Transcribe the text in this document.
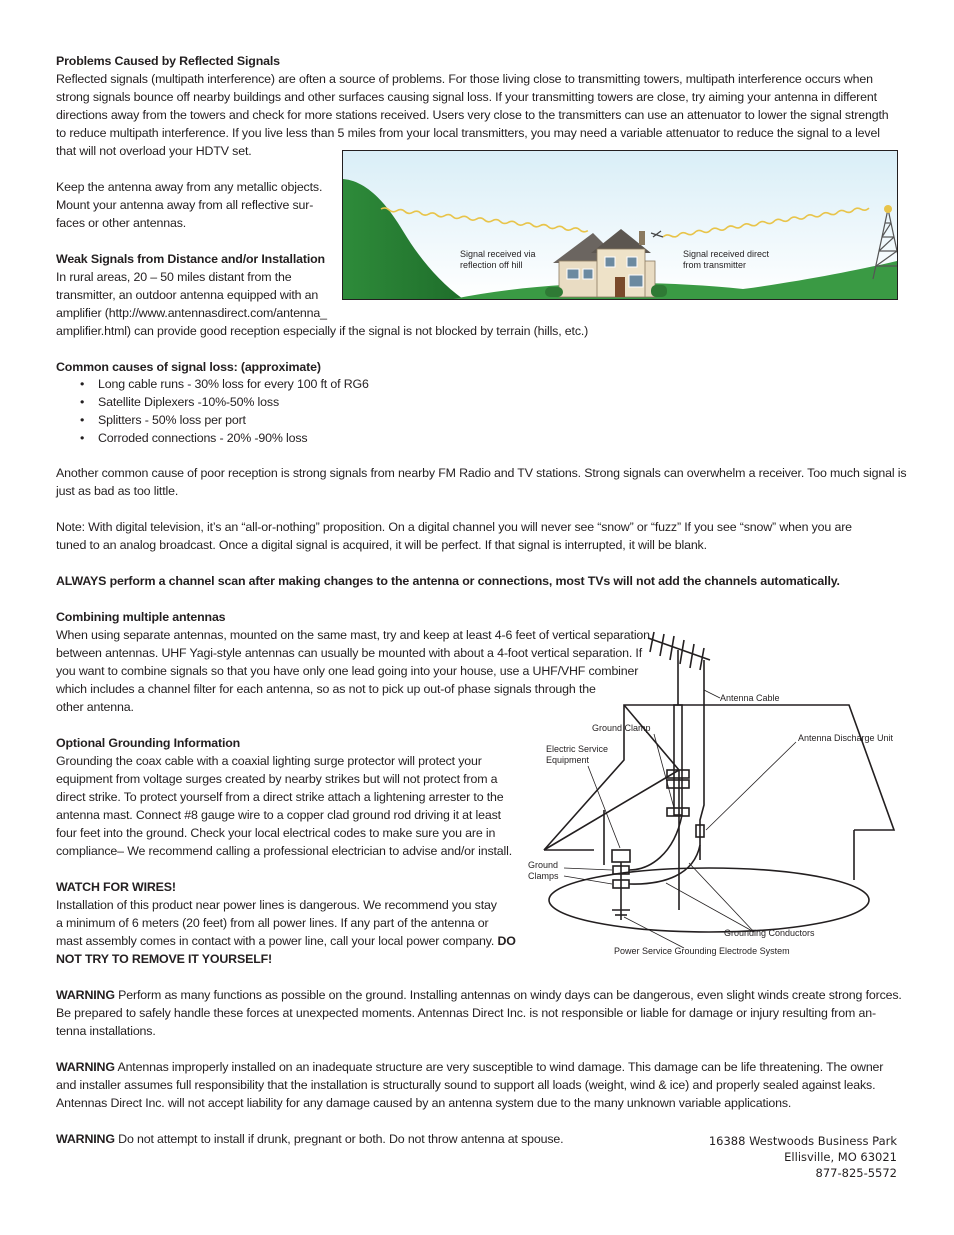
Problems Caused by Reflected Signals

Reflected signals (multipath interference) are often a source of problems. For those living close to transmitting towers, multipath interference occurs when

strong signals bounce off nearby buildings and other surfaces causing signal loss. If your transmitting towers are close, try aiming your antenna in different

directions away from the towers and check for more stations received. Users very close to the transmitters can use an attenuator to lower the signal strength

to reduce multipath interference. If you live less than 5 miles from your local transmitters, you may need a variable attenuator to reduce the signal to a level

that will not overload your HDTV set.

Keep the antenna away from any metallic objects.

Mount your antenna away from all reflective sur-

faces or other antennas.

Weak Signals from Distance and/or Installation

In rural areas, 20 – 50 miles distant from the

transmitter, an outdoor antenna equipped with an

amplifier (http://www.antennasdirect.com/antenna_

amplifier.html) can provide good reception especially if the signal is not blocked by terrain (hills, etc.)

Common causes of signal loss: (approximate)

Signal received via
reflection off hill
Signal received direct
from transmitter
• Long cable runs - 30% loss for every 100 ft of RG6
• Satellite Diplexers -10%-50% loss
• Splitters - 50% loss per port
• Corroded connections - 20% -90% loss

Another common cause of poor reception is strong signals from nearby FM Radio and TV stations. Strong signals can overwhelm a receiver. Too much signal is

just as bad as too little.

Note: With digital television, it’s an “all-or-nothing” proposition. On a digital channel you will never see “snow” or “fuzz” If you see “snow” when you are

tuned to an analog broadcast. Once a digital signal is acquired, it will be perfect. If that signal is interrupted, it will be blank.

ALWAYS perform a channel scan after making changes to the antenna or connections, most TVs will not add the channels automatically.

Combining multiple antennas

When using separate antennas, mounted on the same mast, try and keep at least 4-6 feet of vertical separation

between antennas. UHF Yagi-style antennas can usually be mounted with about a 4-foot vertical separation. If

you want to combine signals so that you have only one lead going into your house, use a UHF/VHF combiner

which includes a channel filter for each antenna, so as not to pick up out-of phase signals through the

other antenna.

Optional Grounding Information

Grounding the coax cable with a coaxial lighting surge protector will protect your

equipment from voltage surges created by nearby strikes but will not protect from a

direct strike. To protect yourself from a direct strike attach a lightening arrester to the

antenna mast. Connect #8 gauge wire to a copper clad ground rod driving it at least

four feet into the ground. Check your local electrical codes to make sure you are in

compliance– We recommend calling a professional electrician to advise and/or install.

WATCH FOR WIRES!

Installation of this product near power lines is dangerous. We recommend you stay

a minimum of 6 meters (20 feet) from all power lines. If any part of the antenna or

mast assembly comes in contact with a power line, call your local power company. DO

NOT TRY TO REMOVE IT YOURSELF!

WARNING Perform as many functions as possible on the ground. Installing antennas on windy days can be dangerous, even slight winds create strong forces.

Be prepared to safely handle these forces at unexpected moments. Antennas Direct Inc. is not responsible or liable for damage or injury resulting from an-

tenna installations.

WARNING Antennas improperly installed on an inadequate structure are very susceptible to wind damage. This damage can be life threatening. The owner

and installer assumes full responsibility that the installation is structurally sound to support all loads (weight, wind & ice) and properly sealed against leaks.

Antennas Direct Inc. will not accept liability for any damage caused by an antenna system due to the many unknown variable applications.

WARNING Do not attempt to install if drunk, pregnant or both. Do not throw antenna at spouse.

Antenna Cable
Ground Clamp
Antenna Discharge Unit
Electric Service
Equipment
Ground
Clamps
Grounding Conductors
Power Service Grounding Electrode System
16388 Westwoods Business Park
Ellisville, MO 63021
877-825-5572
